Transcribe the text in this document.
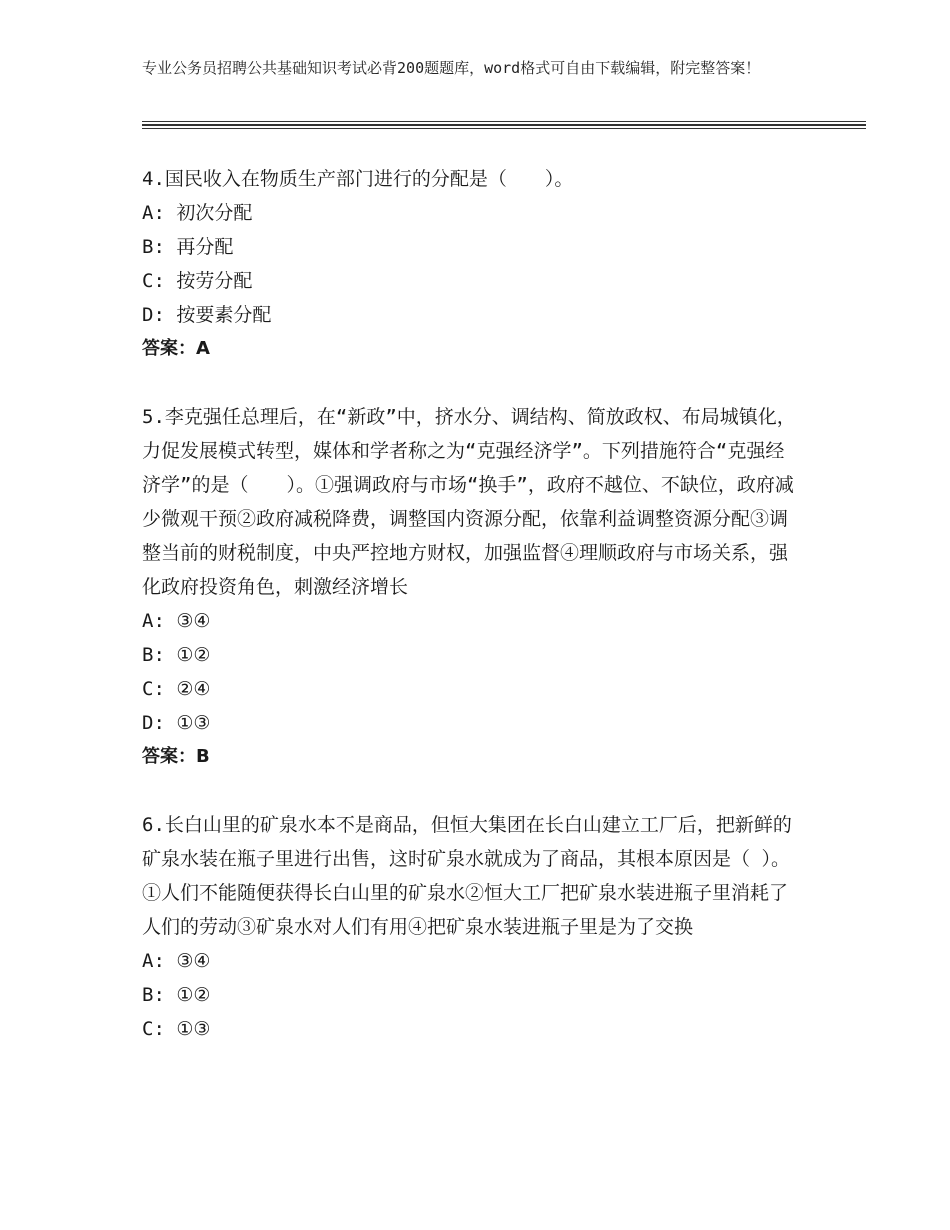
专业公务员招聘公共基础知识考试必背200题题库，word格式可自由下载编辑，附完整答案！
4.国民收入在物质生产部门进行的分配是（　　）。
A: 初次分配
B: 再分配
C: 按劳分配
D: 按要素分配
答案：A
5.李克强任总理后，在“新政”中，挤水分、调结构、简放政权、布局城镇化，力促发展模式转型，媒体和学者称之为“克强经济学”。下列措施符合“克强经济学”的是（　　）。①强调政府与市场“换手”，政府不越位、不缺位，政府减少微观干预②政府减税降费，调整国内资源分配，依靠利益调整资源分配③调整当前的财税制度，中央严控地方财权，加强监督④理顺政府与市场关系，强化政府投资角色，刺激经济增长
A: ③④
B: ①②
C: ②④
D: ①③
答案：B
6.长白山里的矿泉水本不是商品，但恒大集团在长白山建立工厂后，把新鲜的矿泉水装在瓶子里进行出售，这时矿泉水就成为了商品，其根本原因是（ ）。①人们不能随便获得长白山里的矿泉水②恒大工厂把矿泉水装进瓶子里消耗了人们的劳动③矿泉水对人们有用④把矿泉水装进瓶子里是为了交换
A: ③④
B: ①②
C: ①③
